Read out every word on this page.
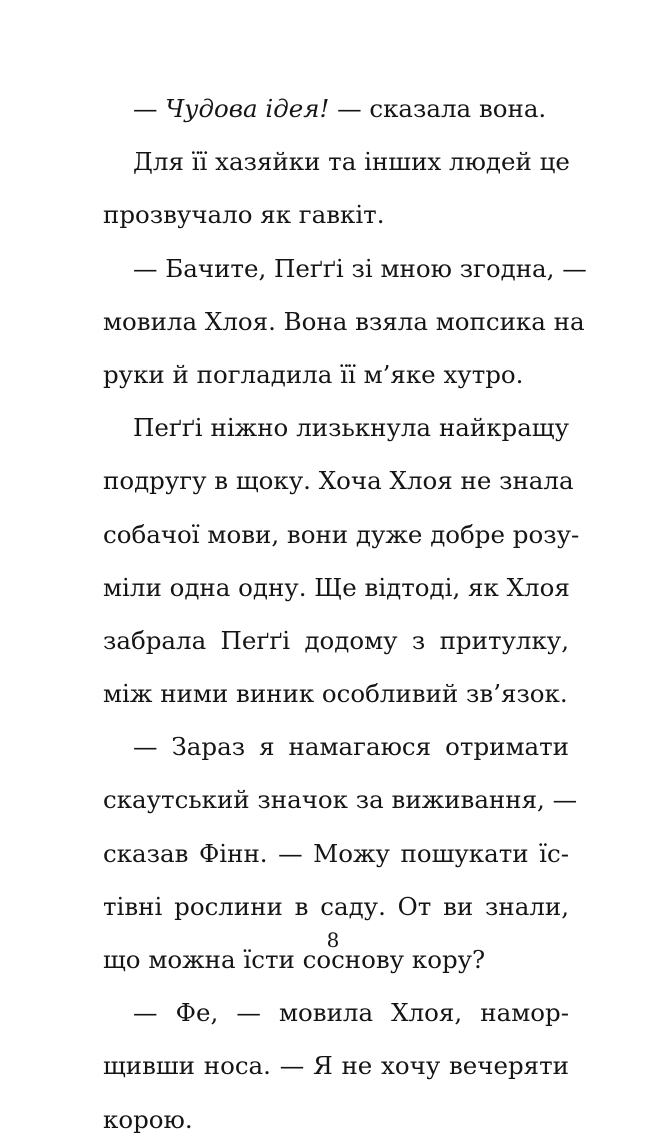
— Чудова ідея! — сказала вона.
Для її хазяйки та інших людей це
прозвучало як гавкіт.
— Бачите, Пеґґі зі мною згодна, —
мовила Хлоя. Вона взяла мопсика на
руки й погладила її м’яке хутро.
Пеґґі ніжно лизькнула найкращу
подругу в щоку. Хоча Хлоя не знала
собачої мови, вони дуже добре розу-
міли одна одну. Ще відтоді, як Хлоя
забрала Пеґґі додому з притулку,
між ними виник особливий зв’язок.
— Зараз я намагаюся отримати
скаутський значок за виживання, —
сказав Фінн. — Можу пошукати їс-
тівні рослини в саду. От ви знали,
що можна їсти соснову кору?
— Фе, — мовила Хлоя, намор-
щивши носа. — Я не хочу вечеряти
корою.
8
